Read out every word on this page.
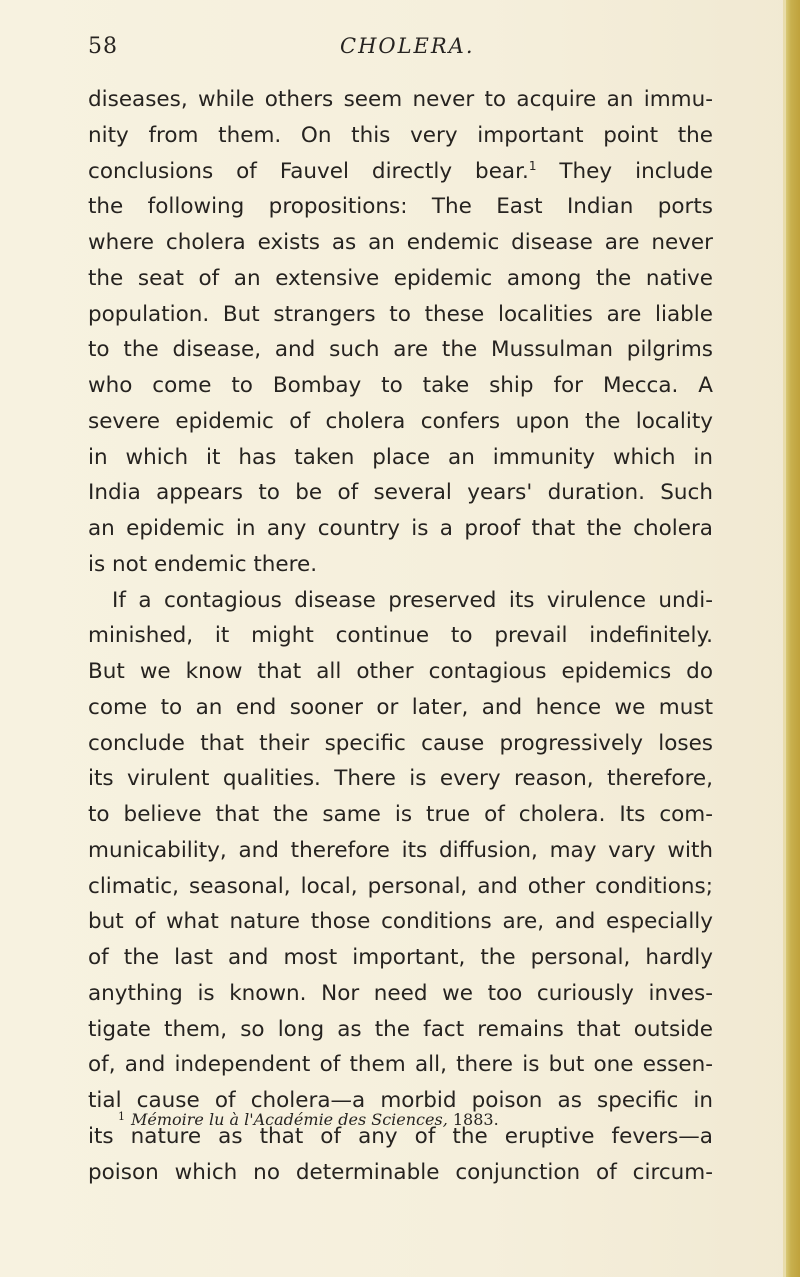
58	CHOLERA.
diseases, while others seem never to acquire an immu-
nity from them. On this very important point the
conclusions of Fauvel directly bear.$^1$ They include
the following propositions: The East Indian ports
where cholera exists as an endemic disease are never
the seat of an extensive epidemic among the native
population. But strangers to these localities are liable
to the disease, and such are the Mussulman pilgrims
who come to Bombay to take ship for Mecca. A
severe epidemic of cholera confers upon the locality
in which it has taken place an immunity which in
India appears to be of several years' duration. Such
an epidemic in any country is a proof that the cholera
is not endemic there.
If a contagious disease preserved its virulence undi-
minished, it might continue to prevail indefinitely.
But we know that all other contagious epidemics do
come to an end sooner or later, and hence we must
conclude that their specific cause progressively loses
its virulent qualities. There is every reason, therefore,
to believe that the same is true of cholera. Its com-
municability, and therefore its diffusion, may vary with
climatic, seasonal, local, personal, and other conditions;
but of what nature those conditions are, and especially
of the last and most important, the personal, hardly
anything is known. Nor need we too curiously inves-
tigate them, so long as the fact remains that outside
of, and independent of them all, there is but one essen-
tial cause of cholera—a morbid poison as specific in
its nature as that of any of the eruptive fevers—a
poison which no determinable conjunction of circum-
$^1$ Mémoire lu à l'Académie des Sciences, 1883.
